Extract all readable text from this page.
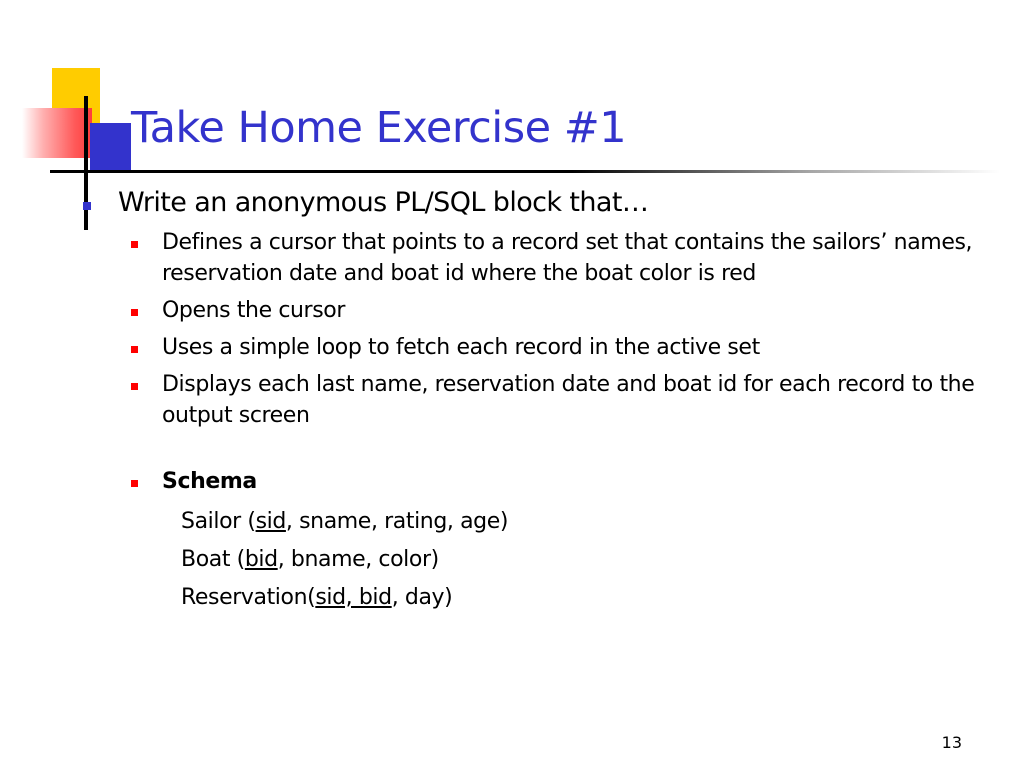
Take Home Exercise #1
Write an anonymous PL/SQL block that…
Defines a cursor that points to a record set that contains the sailors’ names, reservation date and boat id where the boat color is red
Opens the cursor
Uses a simple loop to fetch each record in the active set
Displays each last name, reservation date and boat id for each record to the output screen
Schema
Sailor (sid, sname, rating, age)
Boat (bid, bname, color)
Reservation(sid, bid, day)
13
